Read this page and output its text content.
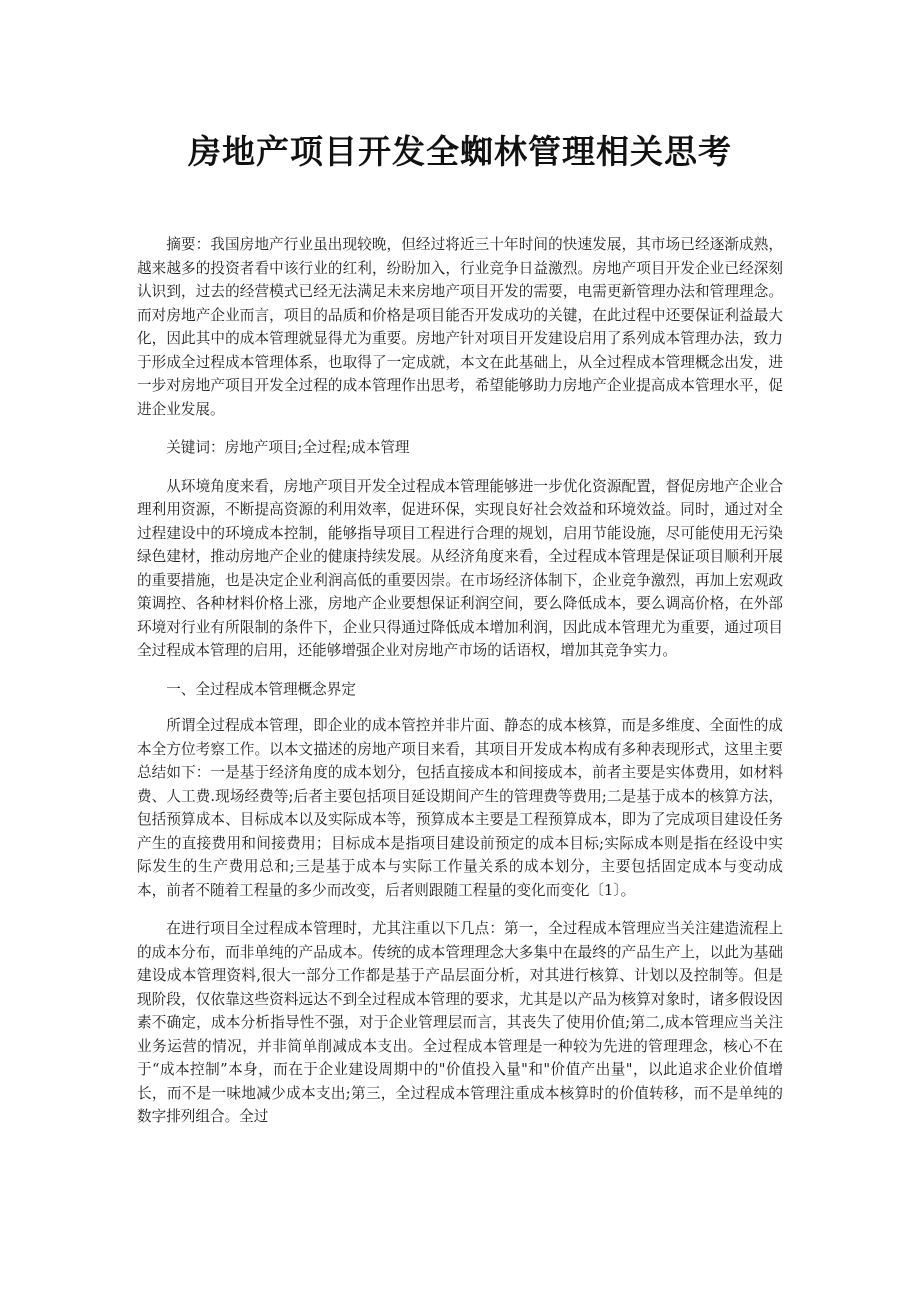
房地产项目开发全蜘林管理相关思考

摘要：我国房地产行业虽出现较晚，但经过将近三十年时间的快速发展，其市场已经逐渐成熟，越来越多的投资者看中该行业的红利，纷盼加入，行业竞争日益激烈。房地产项目开发企业已经深刻认识到，过去的经营模式已经无法满足未来房地产项目开发的需要，电需更新管理办法和管理理念。而对房地产企业而言，项目的品质和价格是项目能否开发成功的关键，在此过程中还要保证利益最大化，因此其中的成本管理就显得尤为重要。房地产针对项目开发建设启用了系列成本管理办法，致力于形成全过程成本管理体系，也取得了一定成就，本文在此基础上，从全过程成本管理概念出发，进一步对房地产项目开发全过程的成本管理作出思考，希望能够助力房地产企业提高成本管理水平，促进企业发展。

关键词：房地产项目;全过程;成本管理

从环境角度来看，房地产项目开发全过程成本管理能够进一步优化资源配置，督促房地产企业合理利用资源，不断提高资源的利用效率，促进环保，实现良好社会效益和环境效益。同时，通过对全过程建设中的环境成本控制，能够指导项目工程进行合理的规划，启用节能设施，尽可能使用无污染绿色建材，推动房地产企业的健康持续发展。从经济角度来看，全过程成本管理是保证项目顺利开展的重要措施，也是决定企业利润高低的重要因崇。在市场经济体制下，企业竞争激烈，再加上宏观政策调控、各种材料价格上涨，房地产企业要想保证利润空间，要么降低成本，要么调高价格，在外部环境对行业有所限制的条件下，企业只得通过降低成本增加利润，因此成本管理尤为重要，通过项目全过程成本管理的启用，还能够增强企业对房地产市场的话语权，增加其竞争实力。

一、全过程成本管理概念界定

所谓全过程成本管理，即企业的成本管控并非片面、静态的成本核算，而是多维度、全面性的成本全方位考察工作。以本文描述的房地产项目来看，其项目开发成本构成有多种表现形式，这里主要总结如下：一是基于经济角度的成本划分，包括直接成本和间接成本，前者主要是实体费用，如材料费、人工费.现场经费等;后者主要包括项目延设期间产生的管理费等费用;二是基于成本的核算方法，包括预算成本、目标成本以及实际成本等，预算成本主要是工程预算成本，即为了完成项目建设任务产生的直接费用和间接费用；目标成本是指项目建设前预定的成本目标;实际成本则是指在经设中实际发生的生产费用总和;三是基于成本与实际工作量关系的成本划分，主要包括固定成本与变动成本，前者不随着工程量的多少而改变，后者则跟随工程量的变化而变化〔1〕。

在进行项目全过程成本管理时，尤其注重以下几点：第一，全过程成本管理应当关注建造流程上的成本分布，而非单纯的产品成本。传统的成本管理理念大多集中在最终的产品生产上，以此为基础建设成本管理资料,很大一部分工作都是基于产品层面分析，对其进行核算、计划以及控制等。但是现阶段，仅依靠这些资料远达不到全过程成本管理的要求，尤其是以产品为核算对象时，诸多假设因素不确定，成本分析指导性不强，对于企业管理层而言，其丧失了使用价值;第二,成本管理应当关注业务运营的情况，并非简单削减成本支出。全过程成本管理是一种较为先进的管理理念，核心不在于“成本控制”本身，而在于企业建设周期中的"价值投入量"和"价值产出量"，以此追求企业价值增长，而不是一味地减少成本支出;第三，全过程成本管理注重成本核算时的价值转移，而不是单纯的数字排列组合。全过
